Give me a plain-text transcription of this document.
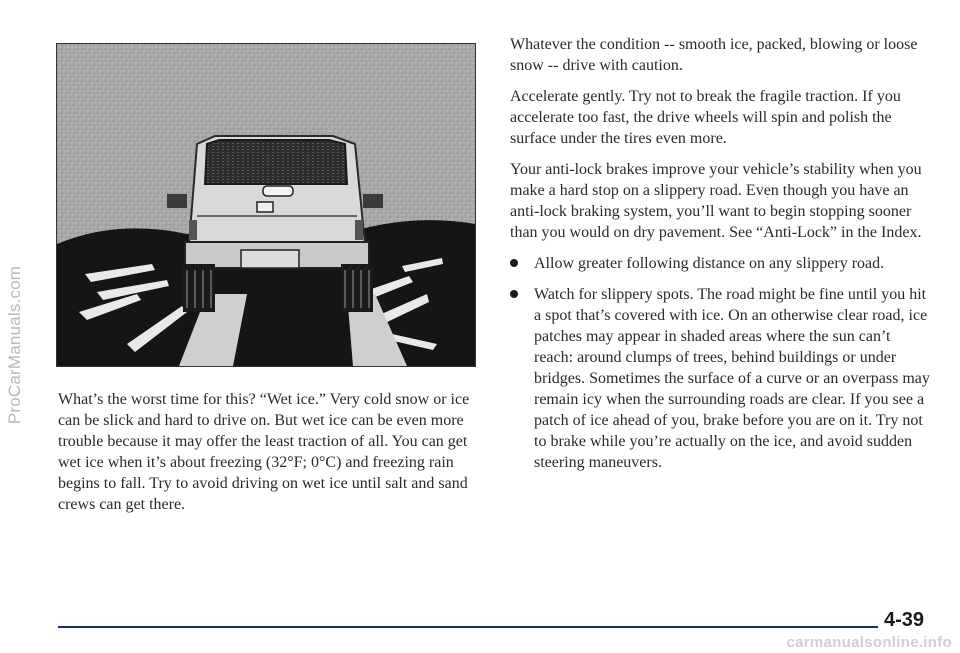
ProCarManuals.com What’s the worst time for this? “Wet ice.” Very cold snow or ice can be slick and hard to drive on. But wet ice can be even more trouble because it may offer the least traction of all. You can get wet ice when it’s about freezing (32°F; 0°C) and freezing rain begins to fall. Try to avoid driving on wet ice until salt and sand crews can get there.

Whatever the condition -- smooth ice, packed, blowing or loose snow -- drive with caution.

Accelerate gently. Try not to break the fragile traction. If you accelerate too fast, the drive wheels will spin and polish the surface under the tires even more.

Your anti-lock brakes improve your vehicle’s stability when you make a hard stop on a slippery road. Even though you have an anti-lock braking system, you’ll want to begin stopping sooner than you would on dry pavement. See “Anti-Lock” in the Index.

Allow greater following distance on any slippery road.
Watch for slippery spots. The road might be fine until you hit a spot that’s covered with ice. On an otherwise clear road, ice patches may appear in shaded areas where the sun can’t reach: around clumps of trees, behind buildings or under bridges. Sometimes the surface of a curve or an overpass may remain icy when the surrounding roads are clear. If you see a patch of ice ahead of you, brake before you are on it. Try not to brake while you’re actually on the ice, and avoid sudden steering maneuvers.
4-39
carmanualsonline.info
